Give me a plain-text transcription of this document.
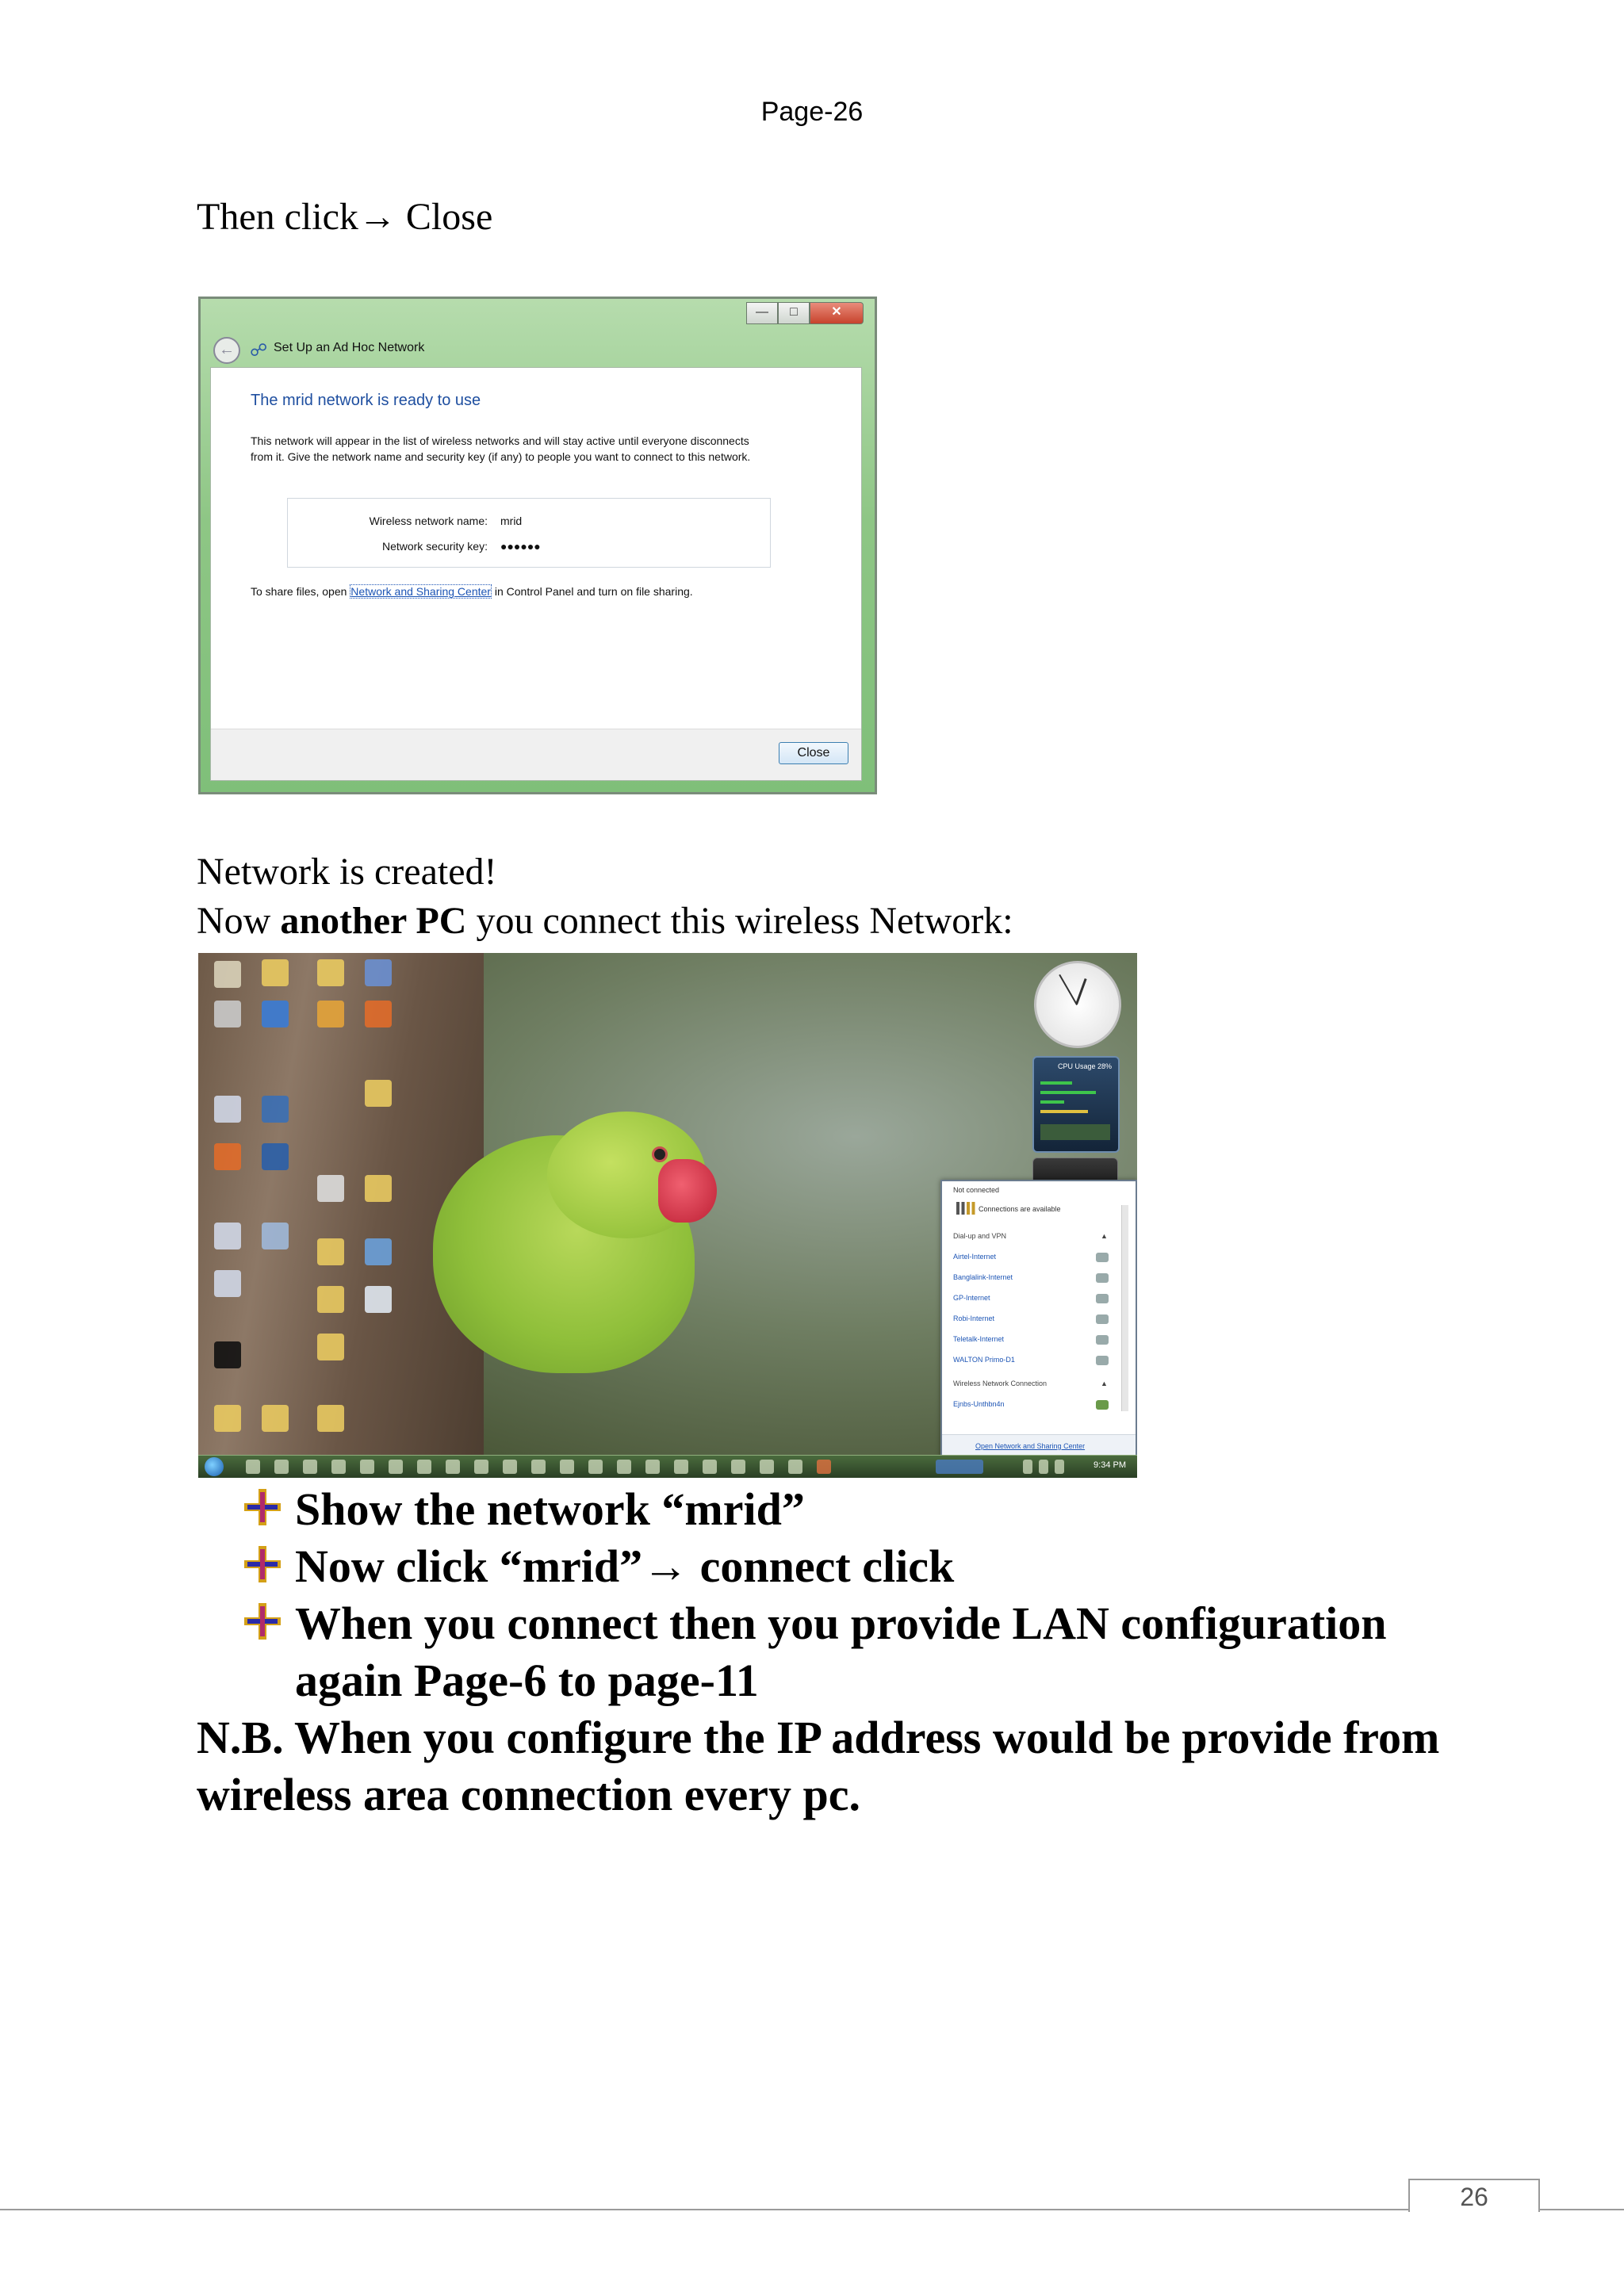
Page-26
Then click→ Close
—	□	✕
← ☍ Set Up an Ad Hoc Network
The mrid network is ready to use
This network will appear in the list of wireless networks and will stay active until everyone disconnects from it. Give the network name and security key (if any) to people you want to connect to this network.
Wireless network name: mrid
Network security key: ●●●●●●
To share files, open Network and Sharing Center in Control Panel and turn on file sharing.
Close
Network is created!
Now another PC you connect this wireless Network:
CPU Usage 28%
Not connected
Connections are available
Dial-up and VPN	▲
Airtel-Internet
Banglalink-Internet
GP-Internet
Robi-Internet
Teletalk-Internet
WALTON Primo-D1
Wireless Network Connection	▲
Ejnbs-Unthbn4n
Open Network and Sharing Center
9:34 PM
Show the network “mrid”
Now click “mrid”→ connect click
When you connect then you provide LAN configuration
again Page-6 to page-11
N.B. When you configure the IP address would be provide from
wireless area connection every pc.
26
